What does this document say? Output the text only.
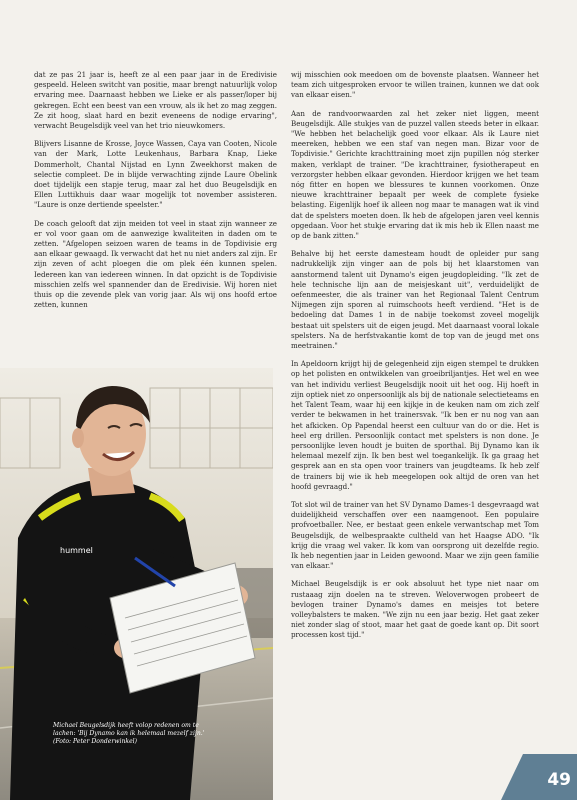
dat ze pas 21 jaar is, heeft ze al een paar jaar in de Eredivisie gespeeld. Heleen switcht van positie, maar brengt natuurlijk volop ervaring mee. Daarnaast hebben we Lieke er als passer/loper bij gekregen. Echt een beest van een vrouw, als ik het zo mag zeggen. Ze zit hoog, slaat hard en bezit eveneens de nodige ervaring", verwacht Beugelsdijk veel van het trio nieuwkomers.

Blijvers Lisanne de Krosse, Joyce Wassen, Caya van Cooten, Nicole van der Mark, Lotte Leukenhaus, Barbara Knap, Lieke Dommerholt, Chantal Nijstad en Lynn Zweekhorst maken de selectie compleet. De in blijde verwachting zijnde Laure Obelink doet tijdelijk een stapje terug, maar zal het duo Beugelsdijk en Ellen Luttikhuis daar waar mogelijk tot november assisteren. "Laure is onze dertiende speelster."

De coach gelooft dat zijn meiden tot veel in staat zijn wanneer ze er vol voor gaan om de aanwezige kwaliteiten in daden om te zetten. "Afgelopen seizoen waren de teams in de Topdivisie erg aan elkaar gewaagd. Ik verwacht dat het nu niet anders zal zijn. Er zijn zeven of acht ploegen die om plek één kunnen spelen. Iedereen kan van iedereen winnen. In dat opzicht is de Topdivisie misschien zelfs wel spannender dan de Eredivisie. Wij horen niet thuis op die zevende plek van vorig jaar. Als wij ons hoofd ertoe zetten, kunnen

wij misschien ook meedoen om de bovenste plaatsen. Wanneer het team zich uitgesproken ervoor te willen trainen, kunnen we dat ook van elkaar eisen."

Aan de randvoorwaarden zal het zeker niet liggen, meent Beugelsdijk. Alle stukjes van de puzzel vallen steeds beter in elkaar. "We hebben het belachelijk goed voor elkaar. Als ik Laure niet meereken, hebben we een staf van negen man. Bizar voor de Topdivisie." Gerichte krachttraining moet zijn pupillen nóg sterker maken, verklapt de trainer. "De krachttrainer, fysiotherapeut en verzorgster hebben elkaar gevonden. Hierdoor krijgen we het team nóg fitter en hopen we blessures te kunnen voorkomen. Onze nieuwe krachttrainer bepaalt per week de complete fysieke belasting. Eigenlijk hoef ik alleen nog maar te managen wat ik vind dat de spelsters moeten doen. Ik heb de afgelopen jaren veel kennis opgedaan. Voor het stukje ervaring dat ik mis heb ik Ellen naast me op de bank zitten."

Behalve bij het eerste damesteam houdt de opleider pur sang nadrukkelijk zijn vinger aan de pols bij het klaarstomen van aanstormend talent uit Dynamo's eigen jeugdopleiding. "Ik zet de hele technische lijn aan de meisjeskant uit", verduidelijkt de oefenmeester, die als trainer van het Regionaal Talent Centrum Nijmegen zijn sporen al ruimschoots heeft verdiend. "Het is de bedoeling dat Dames 1 in de nabije toekomst zoveel mogelijk bestaat uit spelsters uit de eigen jeugd. Met daarnaast vooral lokale spelsters. Na de herfstvakantie komt de top van de jeugd met ons meetrainen."

In Apeldoorn krijgt hij de gelegenheid zijn eigen stempel te drukken op het polisten en ontwikkelen van groeibriljantjes. Het wel en wee van het individu verliest Beugelsdijk nooit uit het oog. Hij hoeft in zijn optiek niet zo onpersoonlijk als bij de nationale selectieteams en het Talent Team, waar hij een kijkje in de keuken nam om zich zelf verder te bekwamen in het trainersvak. "Ik ben er nu nog van aan het afkicken. Op Papendal heerst een cultuur van do or die. Het is heel erg drillen. Persoonlijk contact met spelsters is non done. Je persoonlijke leven houdt je buiten de sporthal. Bij Dynamo kan ik helemaal mezelf zijn. Ik ben best wel toegankelijk. Ik ga graag het gesprek aan en sta open voor trainers van jeugdteams. Ik heb zelf de trainers bij wie ik heb meegelopen ook altijd de oren van het hoofd gevraagd."

Tot slot wil de trainer van het SV Dynamo Dames-1 desgevraagd wat duidelijkheid verschaffen over een naamgenoot. Een populaire profvoetballer. Nee, er bestaat geen enkele verwantschap met Tom Beugelsdijk, de welbespraakte cultheld van het Haagse ADO. "Ik krijg die vraag wel vaker. Ik kom van oorsprong uit dezelfde regio. Ik heb negentien jaar in Leiden gewoond. Maar we zijn geen familie van elkaar."

Michael Beugelsdijk is er ook absoluut het type niet naar om rustaaag zijn doelen na te streven. Weloverwogen probeert de bevlogen trainer Dynamo's dames en meisjes tot betere volleybalsters te maken. "We zijn nu een jaar bezig. Het gaat zeker niet zonder slag of stoot, maar het gaat de goede kant op. Dit soort processen kost tijd."

hummel
Michael Beugelsdijk heeft volop redenen om te lachen: 'Bij Dynamo kan ik helemaal mezelf zijn.' (Foto: Peter Donderwinkel)
49
